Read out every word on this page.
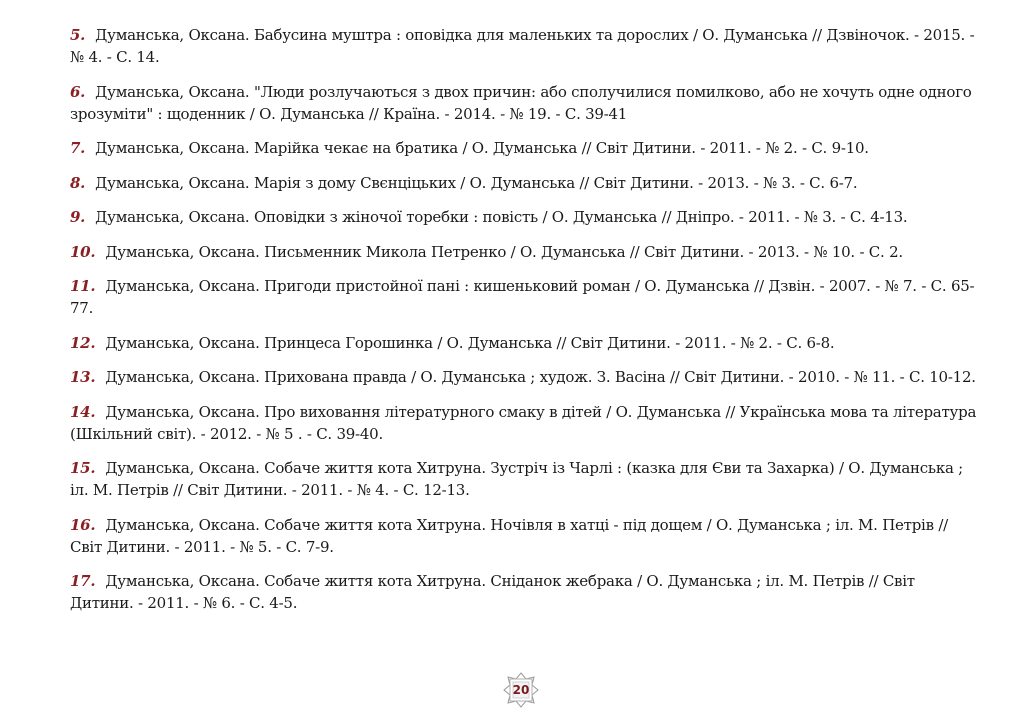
5. Думанська, Оксана. Бабусина муштра : оповідка для маленьких та дорослих / О. Думанська // Дзвіночок. - 2015. - № 4. - С. 14.

6. Думанська, Оксана. "Люди розлучаються з двох причин: або сполучилися помилково, або не хочуть одне одного зрозуміти" : щоденник / О. Думанська // Країна. - 2014. - № 19. - С. 39-41

7. Думанська, Оксана. Марійка чекає на братика / О. Думанська // Світ Дитини. - 2011. - № 2. - С. 9-10.

8. Думанська, Оксана. Марія з дому Свєнціцьких / О. Думанська // Світ Дитини. - 2013. - № 3. - С. 6-7.

9. Думанська, Оксана. Оповідки з жіночої торебки : повість / О. Думанська // Дніпро. - 2011. - № 3. - С. 4-13.

10. Думанська, Оксана. Письменник Микола Петренко / О. Думанська // Світ Дитини. - 2013. - № 10. - С. 2.

11. Думанська, Оксана. Пригоди пристойної пані : кишеньковий роман / О. Думанська // Дзвін. - 2007. - № 7. - С. 65-77.

12. Думанська, Оксана. Принцеса Горошинка / О. Думанська // Світ Дитини. - 2011. - № 2. - С. 6-8.

13. Думанська, Оксана. Прихована правда / О. Думанська ; худож. З. Васіна // Світ Дитини. - 2010. - № 11. - С. 10-12.

14. Думанська, Оксана. Про виховання літературного смаку в дітей / О. Думанська // Українська мова та література (Шкільний світ). - 2012. - № 5 . - С. 39-40.

15. Думанська, Оксана. Собаче життя кота Хитруна. Зустріч із Чарлі : (казка для Єви та Захарка) / О. Думанська ; іл. М. Петрів // Світ Дитини. - 2011. - № 4. - С. 12-13.

16. Думанська, Оксана. Собаче життя кота Хитруна. Ночівля в хатці - під дощем / О. Думанська ; іл. М. Петрів // Світ Дитини. - 2011. - № 5. - С. 7-9.

17. Думанська, Оксана. Собаче життя кота Хитруна. Сніданок жебрака / О. Думанська ; іл. М. Петрів // Світ Дитини. - 2011. - № 6. - С. 4-5.

20
